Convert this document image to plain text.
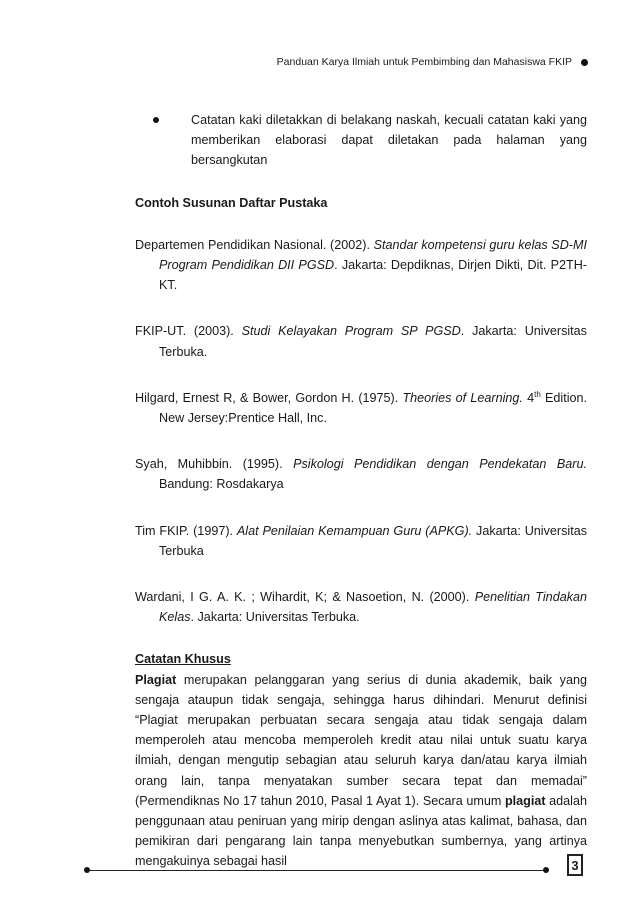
Panduan Karya Ilmiah untuk Pembimbing dan Mahasiswa FKIP
Catatan kaki diletakkan di belakang naskah, kecuali catatan kaki yang memberikan elaborasi dapat diletakan pada halaman yang bersangkutan
Contoh Susunan Daftar Pustaka
Departemen Pendidikan Nasional. (2002). Standar kompetensi guru kelas SD-MI Program Pendidikan DII PGSD. Jakarta: Depdiknas, Dirjen Dikti, Dit. P2TH-KT.
FKIP-UT. (2003). Studi Kelayakan Program SP PGSD. Jakarta: Universitas Terbuka.
Hilgard, Ernest R, & Bower, Gordon H. (1975). Theories of Learning. 4th Edition. New Jersey:Prentice Hall, Inc.
Syah, Muhibbin. (1995). Psikologi Pendidikan dengan Pendekatan Baru. Bandung: Rosdakarya
Tim FKIP. (1997). Alat Penilaian Kemampuan Guru (APKG). Jakarta: Universitas Terbuka
Wardani, I G. A. K. ; Wihardit, K; & Nasoetion, N. (2000). Penelitian Tindakan Kelas. Jakarta: Universitas Terbuka.
Catatan Khusus
Plagiat merupakan pelanggaran yang serius di dunia akademik, baik yang sengaja ataupun tidak sengaja, sehingga harus dihindari. Menurut definisi “Plagiat merupakan perbuatan secara sengaja atau tidak sengaja dalam memperoleh atau mencoba memperoleh kredit atau nilai untuk suatu karya ilmiah, dengan mengutip sebagian atau seluruh karya dan/atau karya ilmiah orang lain, tanpa menyatakan sumber secara tepat dan memadai” (Permendiknas No 17 tahun 2010, Pasal 1 Ayat 1). Secara umum plagiat adalah penggunaan atau peniruan yang mirip dengan aslinya atas kalimat, bahasa, dan pemikiran dari pengarang lain tanpa menyebutkan sumbernya, yang artinya mengakuinya sebagai hasil	3
